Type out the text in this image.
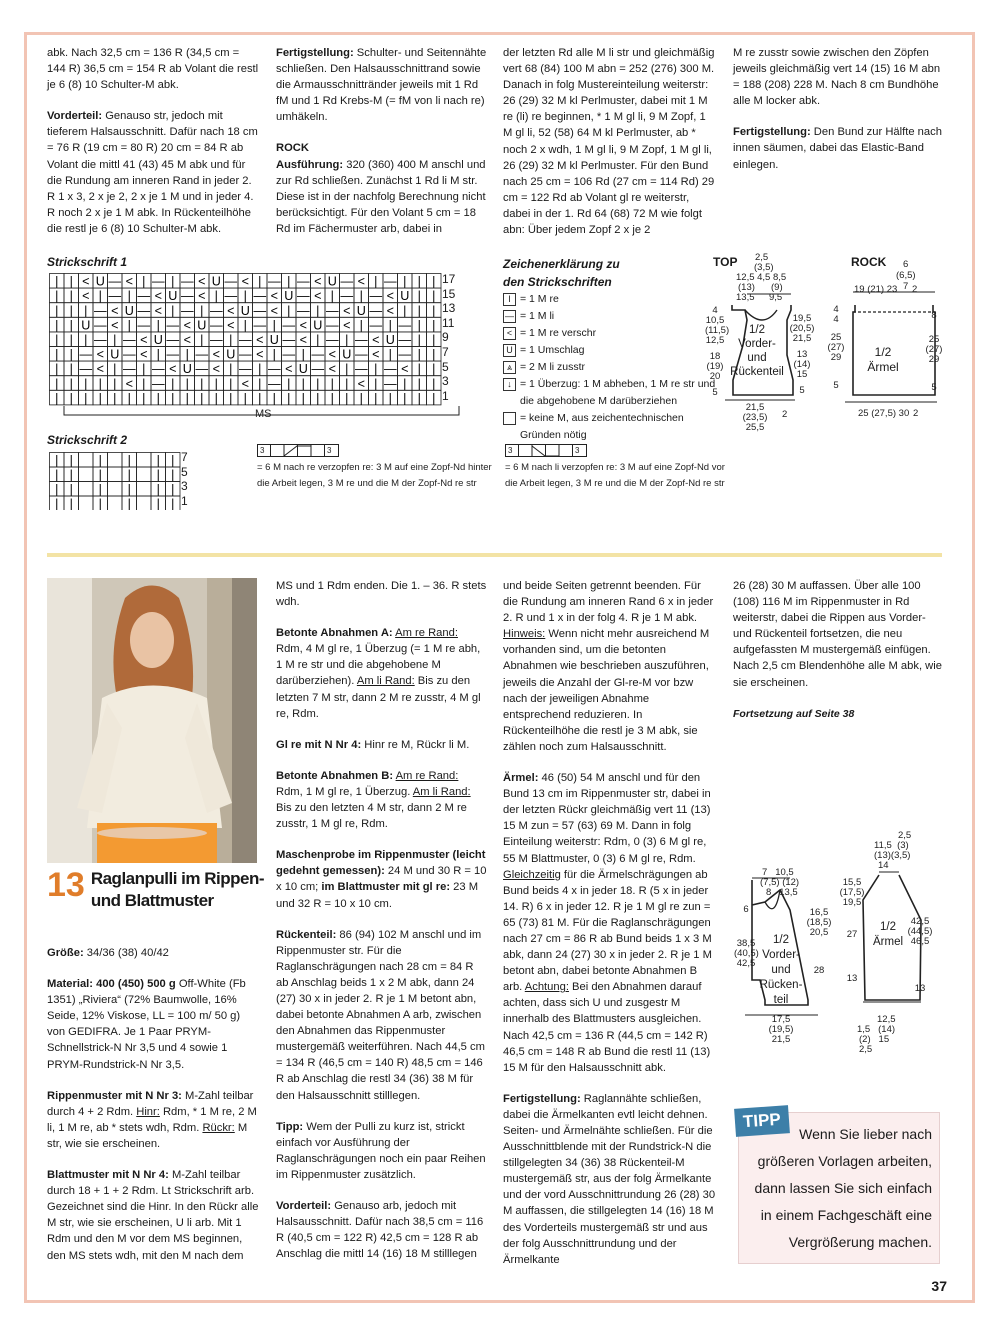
abk. Nach 32,5 cm = 136 R (34,5 cm = 144 R) 36,5 cm = 154 R ab Volant die restl je 6 (8) 10 Schulter-M abk.

Vorderteil: Genauso str, jedoch mit tieferem Halsausschnitt. Dafür nach 18 cm = 76 R (19 cm = 80 R) 20 cm = 84 R ab Volant die mittl 41 (43) 45 M abk und für die Rundung am inneren Rand in jeder 2. R 1 x 3, 2 x je 2, 2 x je 1 M und in jeder 4. R noch 2 x je 1 M abk. In Rückenteilhöhe die restl je 6 (8) 10 Schulter-M abk.

Fertigstellung: Schulter- und Seitennähte schließen. Den Halsausschnittrand sowie die Armausschnittränder jeweils mit 1 Rd fM und 1 Rd Krebs-M (= fM von li nach re) umhäkeln.

ROCK
Ausführung: 320 (360) 400 M anschl und zur Rd schließen. Zunächst 1 Rd li M str. Diese ist in der nachfolg Berechnung nicht berücksichtigt. Für den Volant 5 cm = 18 Rd im Fächermuster arb, dabei in

der letzten Rd alle M li str und gleichmäßig vert 68 (84) 100 M abn = 252 (276) 300 M. Danach in folg Mustereinteilung weiterstr: 26 (29) 32 M kl Perlmuster, dabei mit 1 M re (li) re beginnen, * 1 M gl li, 9 M Zopf, 1 M gl li, 52 (58) 64 M kl Perlmuster, ab * noch 2 x wdh, 1 M gl li, 9 M Zopf, 1 M gl li, 26 (29) 32 M kl Perlmuster. Für den Bund nach 25 cm = 106 Rd (27 cm = 114 Rd) 29 cm = 122 Rd ab Volant gl re weiterstr, dabei in der 1. Rd 64 (68) 72 M wie folgt abn: Über jedem Zopf 2 x je 2

M re zusstr sowie zwischen den Zöpfen jeweils gleichmäßig vert 14 (15) 16 M abn = 188 (208) 228 M. Nach 8 cm Bundhöhe alle M locker abk.

Fertigstellung: Den Bund zur Hälfte nach innen säumen, dabei das Elastic-Band einlegen.

Strickschrift 1
| | < U — < | — | — < U — < | — | — < U — < | — | | |
| | < | — | — < U — < | — | — < U — < | — | — < U | |
| | | — < U — < | — | — < U — < | — | — < U — < | | |
| | U — < | — | — < U — < | — | — < U — < | — | — | |
| | | — | — < U — < | — | — < U — < | — | — < U — | |
| | — < U — < | — | — < U — < | — | — < U — < | — | |
| | — < | — | — < U — < | — | — < U — < | — | — < | |
| | | | | < | — | | | | | < | — | | | | | < | — | | |
| | | | | | | | | | | | | | | | | | | | | | | | | | |
MS
17
15
13
11
9
7
5
3
1
Strickschrift 2
| | | | | |
| | | | | |
| | | | | |
| | | | | |
7
5
3
1
3	3
= 6 M nach re verzopfen re: 3 M auf eine Zopf-Nd hinter die Arbeit legen, 3 M re und die M der Zopf-Nd re str
Zeichenerklärung zu
den Strickschriften
I = 1 M re
— = 1 M li
< = 1 M re verschr
U = 1 Umschlag
⩓ = 2 M li zusstr
↓ = 1 Überzug: 1 M abheben, 1 M re str und die abgehobene M darüberziehen
= keine M, aus zeichentechnischen Gründen nötig
3	3
= 6 M nach li verzopfen re: 3 M auf eine Zopf-Nd vor die Arbeit legen, 3 M re und die M der Zopf-Nd re str
TOP 2,5
(3,5)
12,5 4,5 8,5
(13) (9)
13,5 9,5
4
10,5
(11,5)
12,5
18
(19)
20
5
19,5
(20,5)
21,5
13
(14)
15
5
1/2
Vorder-
und
Rückenteil
21,5
(23,5)
25,5
2
ROCK 6
(6,5)
19 (21) 23 7 2
4
4
25
(27)
29
5
8
25
(27)
29
5
1/2
Ärmel
25 (27,5) 30 2
13 Raglanpulli im Rippen-
und Blattmuster

Größe: 34/36 (38) 40/42

Material: 400 (450) 500 g Off-White (Fb 1351) „Riviera“ (72% Baumwolle, 16% Seide, 12% Viskose, LL = 100 m/ 50 g) von GEDIFRA. Je 1 Paar PRYM-Schnellstrick-N Nr 3,5 und 4 sowie 1 PRYM-Rundstrick-N Nr 3,5.

Rippenmuster mit N Nr 3: M-Zahl teilbar durch 4 + 2 Rdm. Hinr: Rdm, * 1 M re, 2 M li, 1 M re, ab * stets wdh, Rdm. Rückr: M str, wie sie erscheinen.

Blattmuster mit N Nr 4: M-Zahl teilbar durch 18 + 1 + 2 Rdm. Lt Strickschrift arb. Gezeichnet sind die Hinr. In den Rückr alle M str, wie sie erscheinen, U li arb. Mit 1 Rdm und den M vor dem MS beginnen, den MS stets wdh, mit den M nach dem

MS und 1 Rdm enden. Die 1. – 36. R stets wdh.

Betonte Abnahmen A: Am re Rand: Rdm, 4 M gl re, 1 Überzug (= 1 M re abh, 1 M re str und die abgehobene M darüberziehen). Am li Rand: Bis zu den letzten 7 M str, dann 2 M re zusstr, 4 M gl re, Rdm.

Gl re mit N Nr 4: Hinr re M, Rückr li M.

Betonte Abnahmen B: Am re Rand: Rdm, 1 M gl re, 1 Überzug. Am li Rand: Bis zu den letzten 4 M str, dann 2 M re zusstr, 1 M gl re, Rdm.

Maschenprobe im Rippenmuster (leicht gedehnt gemessen): 24 M und 30 R = 10 x 10 cm; im Blattmuster mit gl re: 23 M und 32 R = 10 x 10 cm.

Rückenteil: 86 (94) 102 M anschl und im Rippenmuster str. Für die Raglanschrägungen nach 28 cm = 84 R ab Anschlag beids 1 x 2 M abk, dann 24 (27) 30 x in jeder 2. R je 1 M betont abn, dabei betonte Abnahmen A arb, zwischen den Abnahmen das Rippenmuster mustergemäß weiterführen. Nach 44,5 cm = 134 R (46,5 cm = 140 R) 48,5 cm = 146 R ab Anschlag die restl 34 (36) 38 M für den Halsausschnitt stilllegen.

Tipp: Wem der Pulli zu kurz ist, strickt einfach vor Ausführung der Raglanschrägungen noch ein paar Reihen im Rippenmuster zusätzlich.

Vorderteil: Genauso arb, jedoch mit Halsausschnitt. Dafür nach 38,5 cm = 116 R (40,5 cm = 122 R) 42,5 cm = 128 R ab Anschlag die mittl 14 (16) 18 M stilllegen

und beide Seiten getrennt beenden. Für die Rundung am inneren Rand 6 x in jeder 2. R und 1 x in der folg 4. R je 1 M abk. Hinweis: Wenn nicht mehr ausreichend M vorhanden sind, um die betonten Abnahmen wie beschrieben auszuführen, jeweils die Anzahl der Gl-re-M vor bzw nach der jeweiligen Abnahme entsprechend reduzieren. In Rückenteilhöhe die restl je 3 M abk, sie zählen noch zum Halsausschnitt.

Ärmel: 46 (50) 54 M anschl und für den Bund 13 cm im Rippenmuster str, dabei in der letzten Rückr gleichmäßig vert 11 (13) 15 M zun = 57 (63) 69 M. Dann in folg Einteilung weiterstr: Rdm, 0 (3) 6 M gl re, 55 M Blattmuster, 0 (3) 6 M gl re, Rdm. Gleichzeitig für die Ärmelschrägungen ab Bund beids 4 x in jeder 18. R (5 x in jeder 14. R) 6 x in jeder 12. R je 1 M gl re zun = 65 (73) 81 M. Für die Raglanschrägungen nach 27 cm = 86 R ab Bund beids 1 x 3 M abk, dann 24 (27) 30 x in jeder 2. R je 1 M betont abn, dabei betonte Abnahmen B arb. Achtung: Bei den Abnahmen darauf achten, dass sich U und zusgestr M innerhalb des Blattmusters ausgleichen. Nach 42,5 cm = 136 R (44,5 cm = 142 R) 46,5 cm = 148 R ab Bund die restl 11 (13) 15 M für den Halsausschnitt abk.

Fertigstellung: Raglannähte schließen, dabei die Ärmelkanten evtl leicht dehnen. Seiten- und Ärmelnähte schließen. Für die Ausschnittblende mit der Rundstrick-N die stillgelegten 34 (36) 38 Rückenteil-M mustergemäß str, aus der folg Ärmelkante und der vord Ausschnittrundung 26 (28) 30 M auffassen, die stillgelegten 14 (16) 18 M des Vorderteils mustergemäß str und aus der folg Ausschnittrundung und der Ärmelkante

26 (28) 30 M auffassen. Über alle 100 (108) 116 M im Rippenmuster in Rd weiterstr, dabei die Rippen aus Vorder- und Rückenteil fortsetzen, die neu aufgefassten M mustergemäß einfügen. Nach 2,5 cm Blendenhöhe alle M abk, wie sie erscheinen.

Fortsetzung auf Seite 38

7 10,5
(7,5) (12)
8 13,5
6
38,5
(40,5)
42,5
16,5
(18,5)
20,5
28
1/2
Vorder-
und
Rücken-
teil
17,5
(19,5)
21,5
2,5
11,5 (3)
(13)(3,5)
14
15,5
(17,5)
19,5
27
13
42,5
(44,5)
46,5
13
1/2
Ärmel
12,5
1,5 (14)
(2) 15
2,5
TIPP
Wenn Sie lieber nach größeren Vorlagen arbeiten, dann lassen Sie sich einfach in einem Fachgeschäft eine Vergrößerung machen.
37
